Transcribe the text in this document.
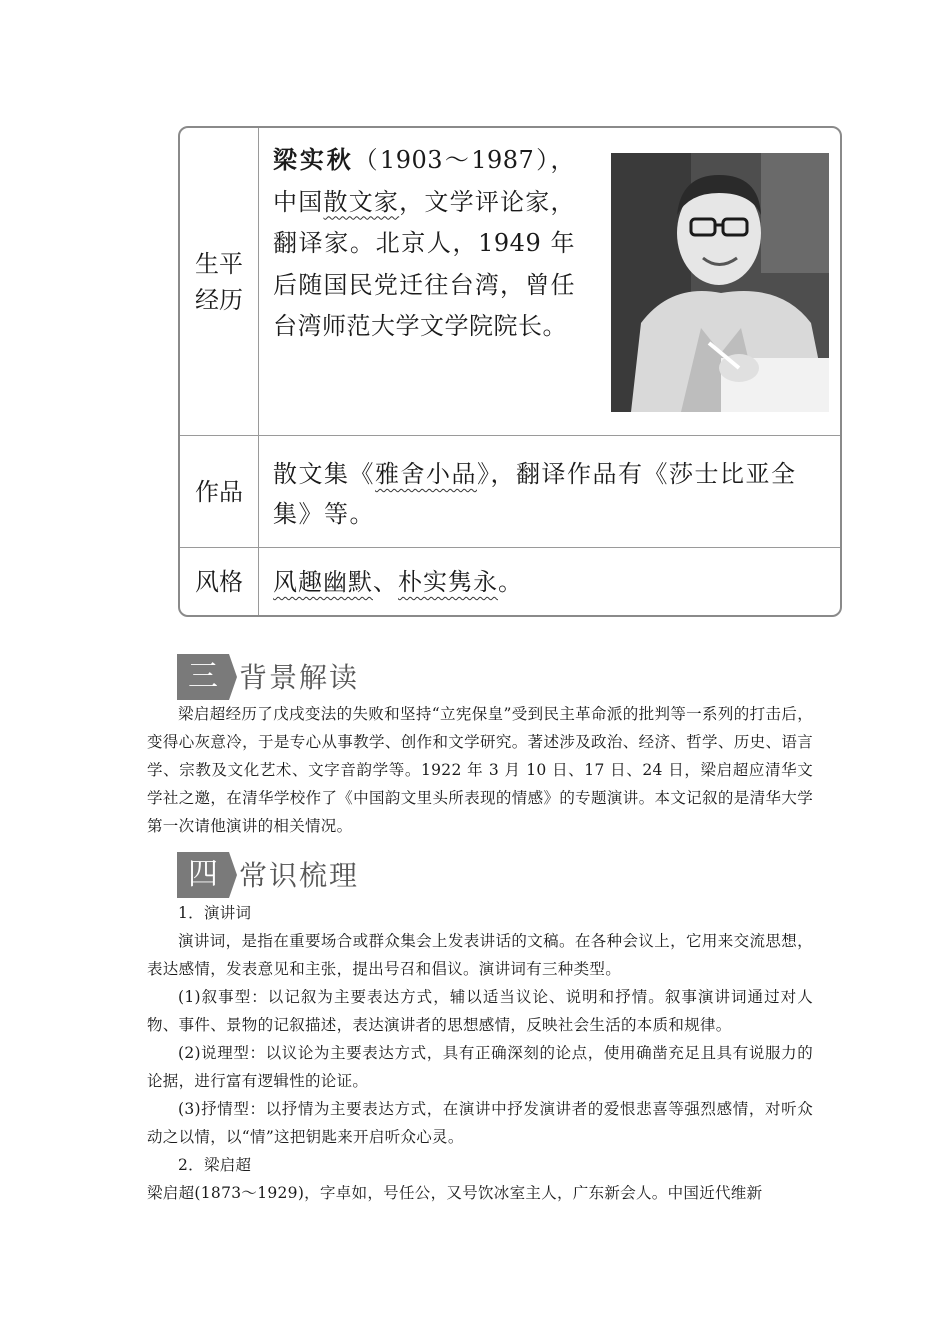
生平
经历
梁实秋（1903～1987），中国散文家，文学评论家，翻译家。北京人，1949 年后随国民党迁往台湾，曾任台湾师范大学文学院院长。
作品
散文集《雅舍小品》，翻译作品有《莎士比亚全集》等。
风格 风趣幽默、朴实隽永。
三 背景解读

梁启超经历了戊戌变法的失败和坚持“立宪保皇”受到民主革命派的批判等一系列的打击后，变得心灰意冷，于是专心从事教学、创作和文学研究。著述涉及政治、经济、哲学、历史、语言学、宗教及文化艺术、文字音韵学等。1922 年 3 月 10 日、17 日、24 日，梁启超应清华文学社之邀，在清华学校作了《中国韵文里头所表现的情感》的专题演讲。本文记叙的是清华大学第一次请他演讲的相关情况。

四 常识梳理

1．演讲词

演讲词，是指在重要场合或群众集会上发表讲话的文稿。在各种会议上，它用来交流思想，表达感情，发表意见和主张，提出号召和倡议。演讲词有三种类型。

(1)叙事型：以记叙为主要表达方式，辅以适当议论、说明和抒情。叙事演讲词通过对人物、事件、景物的记叙描述，表达演讲者的思想感情，反映社会生活的本质和规律。

(2)说理型：以议论为主要表达方式，具有正确深刻的论点，使用确凿充足且具有说服力的论据，进行富有逻辑性的论证。

(3)抒情型：以抒情为主要表达方式，在演讲中抒发演讲者的爱恨悲喜等强烈感情，对听众动之以情，以“情”这把钥匙来开启听众心灵。

2．梁启超

梁启超(1873～1929)，字卓如，号任公，又号饮冰室主人，广东新会人。中国近代维新
